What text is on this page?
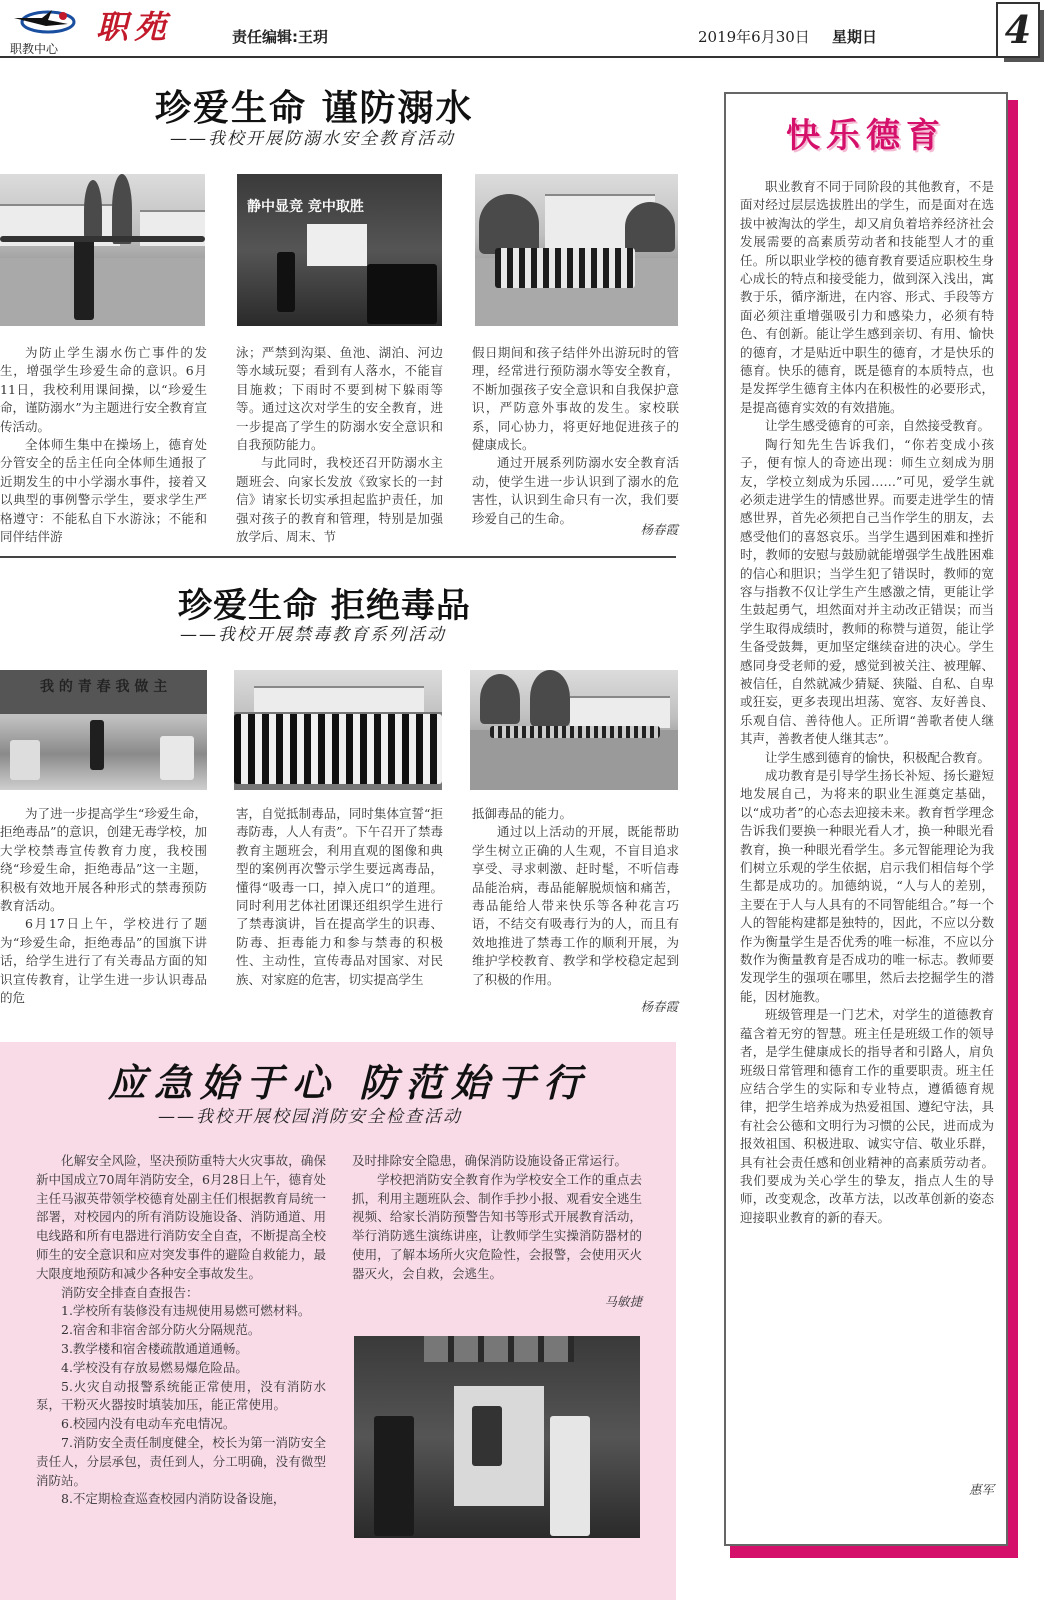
职教中心
职苑	责任编辑:王玥	2019年6月30日 星期日	4
珍爱生命 谨防溺水
——我校开展防溺水安全教育活动
静中显竞 竞中取胜

为防止学生溺水伤亡事件的发生，增强学生珍爱生命的意识。6月11日，我校利用课间操，以“珍爱生命，谨防溺水”为主题进行安全教育宣传活动。

全体师生集中在操场上，德育处分管安全的岳主任向全体师生通报了近期发生的中小学溺水事件，接着又以典型的事例警示学生，要求学生严格遵守：不能私自下水游泳；不能和同伴结伴游

泳；严禁到沟渠、鱼池、湖泊、河边等水域玩耍；看到有人落水，不能盲目施救；下雨时不要到树下躲雨等等。通过这次对学生的安全教育，进一步提高了学生的防溺水安全意识和自我预防能力。

与此同时，我校还召开防溺水主题班会、向家长发放《致家长的一封信》请家长切实承担起监护责任，加强对孩子的教育和管理，特别是加强放学后、周末、节

假日期间和孩子结伴外出游玩时的管理，经常进行预防溺水等安全教育，不断加强孩子安全意识和自我保护意识，严防意外事故的发生。家校联系，同心协力，将更好地促进孩子的健康成长。

通过开展系列防溺水安全教育活动，使学生进一步认识到了溺水的危害性，认识到生命只有一次，我们要珍爱自己的生命。

杨春霞
珍爱生命 拒绝毒品
——我校开展禁毒教育系列活动
我 的 青 春 我 做 主

为了进一步提高学生“珍爱生命，拒绝毒品”的意识，创建无毒学校，加大学校禁毒宣传教育力度，我校围绕“珍爱生命，拒绝毒品”这一主题，积极有效地开展各种形式的禁毒预防教育活动。

6月17日上午，学校进行了题为“珍爱生命，拒绝毒品”的国旗下讲话，给学生进行了有关毒品方面的知识宣传教育，让学生进一步认识毒品的危

害，自觉抵制毒品，同时集体宣誓“拒毒防毒，人人有责”。下午召开了禁毒教育主题班会，利用直观的图像和典型的案例再次警示学生要远离毒品，懂得“吸毒一口，掉入虎口”的道理。同时利用艺体社团课还组织学生进行了禁毒演讲，旨在提高学生的识毒、防毒、拒毒能力和参与禁毒的积极性、主动性，宣传毒品对国家、对民族、对家庭的危害，切实提高学生

抵御毒品的能力。

通过以上活动的开展，既能帮助学生树立正确的人生观，不盲目追求享受、寻求刺激、赶时髦，不听信毒品能治病，毒品能解脱烦恼和痛苦，毒品能给人带来快乐等各种花言巧语，不结交有吸毒行为的人，而且有效地推进了禁毒工作的顺利开展，为维护学校教育、教学和学校稳定起到了积极的作用。

杨春霞
应急始于心 防范始于行
——我校开展校园消防安全检查活动

化解安全风险，坚决预防重特大火灾事故，确保新中国成立70周年消防安全，6月28日上午，德育处主任马淑英带领学校德育处副主任们根据教育局统一部署，对校园内的所有消防设施设备、消防通道、用电线路和所有电器进行消防安全自查，不断提高全校师生的安全意识和应对突发事件的避险自救能力，最大限度地预防和减少各种安全事故发生。

消防安全排查自查报告：

1.学校所有装修没有违规使用易燃可燃材料。

2.宿舍和非宿舍部分防火分隔规范。

3.教学楼和宿舍楼疏散通道通畅。

4.学校没有存放易燃易爆危险品。

5.火灾自动报警系统能正常使用，没有消防水泵，干粉灭火器按时填装加压，能正常使用。

6.校园内没有电动车充电情况。

7.消防安全责任制度健全，校长为第一消防安全责任人，分层承包，责任到人，分工明确，没有微型消防站。

8.不定期检查巡查校园内消防设备设施，

及时排除安全隐患，确保消防设施设备正常运行。

学校把消防安全教育作为学校安全工作的重点去抓，利用主题班队会、制作手抄小报、观看安全逃生视频、给家长消防预警告知书等形式开展教育活动，举行消防逃生演练讲座，让教师学生实操消防器材的使用，了解本场所火灾危险性，会报警，会使用灭火器灭火，会自救，会逃生。

马敏捷
快乐德育

职业教育不同于同阶段的其他教育，不是面对经过层层选拔胜出的学生，而是面对在选拔中被淘汰的学生，却又肩负着培养经济社会发展需要的高素质劳动者和技能型人才的重任。所以职业学校的德育教育要适应职校生身心成长的特点和接受能力，做到深入浅出，寓教于乐，循序渐进，在内容、形式、手段等方面必须注重增强吸引力和感染力，必须有特色、有创新。能让学生感到亲切、有用、愉快的德育，才是贴近中职生的德育，才是快乐的德育。快乐的德育，既是德育的本质特点，也是发挥学生德育主体内在积极性的必要形式，是提高德育实效的有效措施。

让学生感受德育的可亲，自然接受教育。

陶行知先生告诉我们，“你若变成小孩子，便有惊人的奇迹出现：师生立刻成为朋友，学校立刻成为乐园……”可见，爱学生就必须走进学生的情感世界。而要走进学生的情感世界，首先必须把自己当作学生的朋友，去感受他们的喜怒哀乐。当学生遇到困难和挫折时，教师的安慰与鼓励就能增强学生战胜困难的信心和胆识；当学生犯了错误时，教师的宽容与指教不仅让学生产生感激之情，更能让学生鼓起勇气，坦然面对并主动改正错误；而当学生取得成绩时，教师的称赞与道贺，能让学生备受鼓舞，更加坚定继续奋进的决心。学生感同身受老师的爱，感觉到被关注、被理解、被信任，自然就减少猜疑、狭隘、自私、自卑或狂妄，更多表现出坦荡、宽容、友好善良、乐观自信、善待他人。正所谓“善歌者使人继其声，善教者使人继其志”。

让学生感到德育的愉快，积极配合教育。

成功教育是引导学生扬长补短、扬长避短地发展自己，为将来的职业生涯奠定基础，以“成功者”的心态去迎接未来。教育哲学理念告诉我们要换一种眼光看人才，换一种眼光看教育，换一种眼光看学生。多元智能理论为我们树立乐观的学生依据，启示我们相信每个学生都是成功的。加德纳说，“人与人的差别，主要在于人与人具有的不同智能组合。”每一个人的智能构建都是独特的，因此，不应以分数作为衡量学生是否优秀的唯一标准，不应以分数作为衡量教育是否成功的唯一标志。教师要发现学生的强项在哪里，然后去挖掘学生的潜能，因材施教。

班级管理是一门艺术，对学生的道德教育蕴含着无穷的智慧。班主任是班级工作的领导者，是学生健康成长的指导者和引路人，肩负班级日常管理和德育工作的重要职责。班主任应结合学生的实际和专业特点，遵循德育规律，把学生培养成为热爱祖国、遵纪守法，具有社会公德和文明行为习惯的公民，进而成为报效祖国、积极进取、诚实守信、敬业乐群，具有社会责任感和创业精神的高素质劳动者。我们要成为关心学生的挚友，指点人生的导师，改变观念，改革方法，以改革创新的姿态迎接职业教育的新的春天。

惠军
